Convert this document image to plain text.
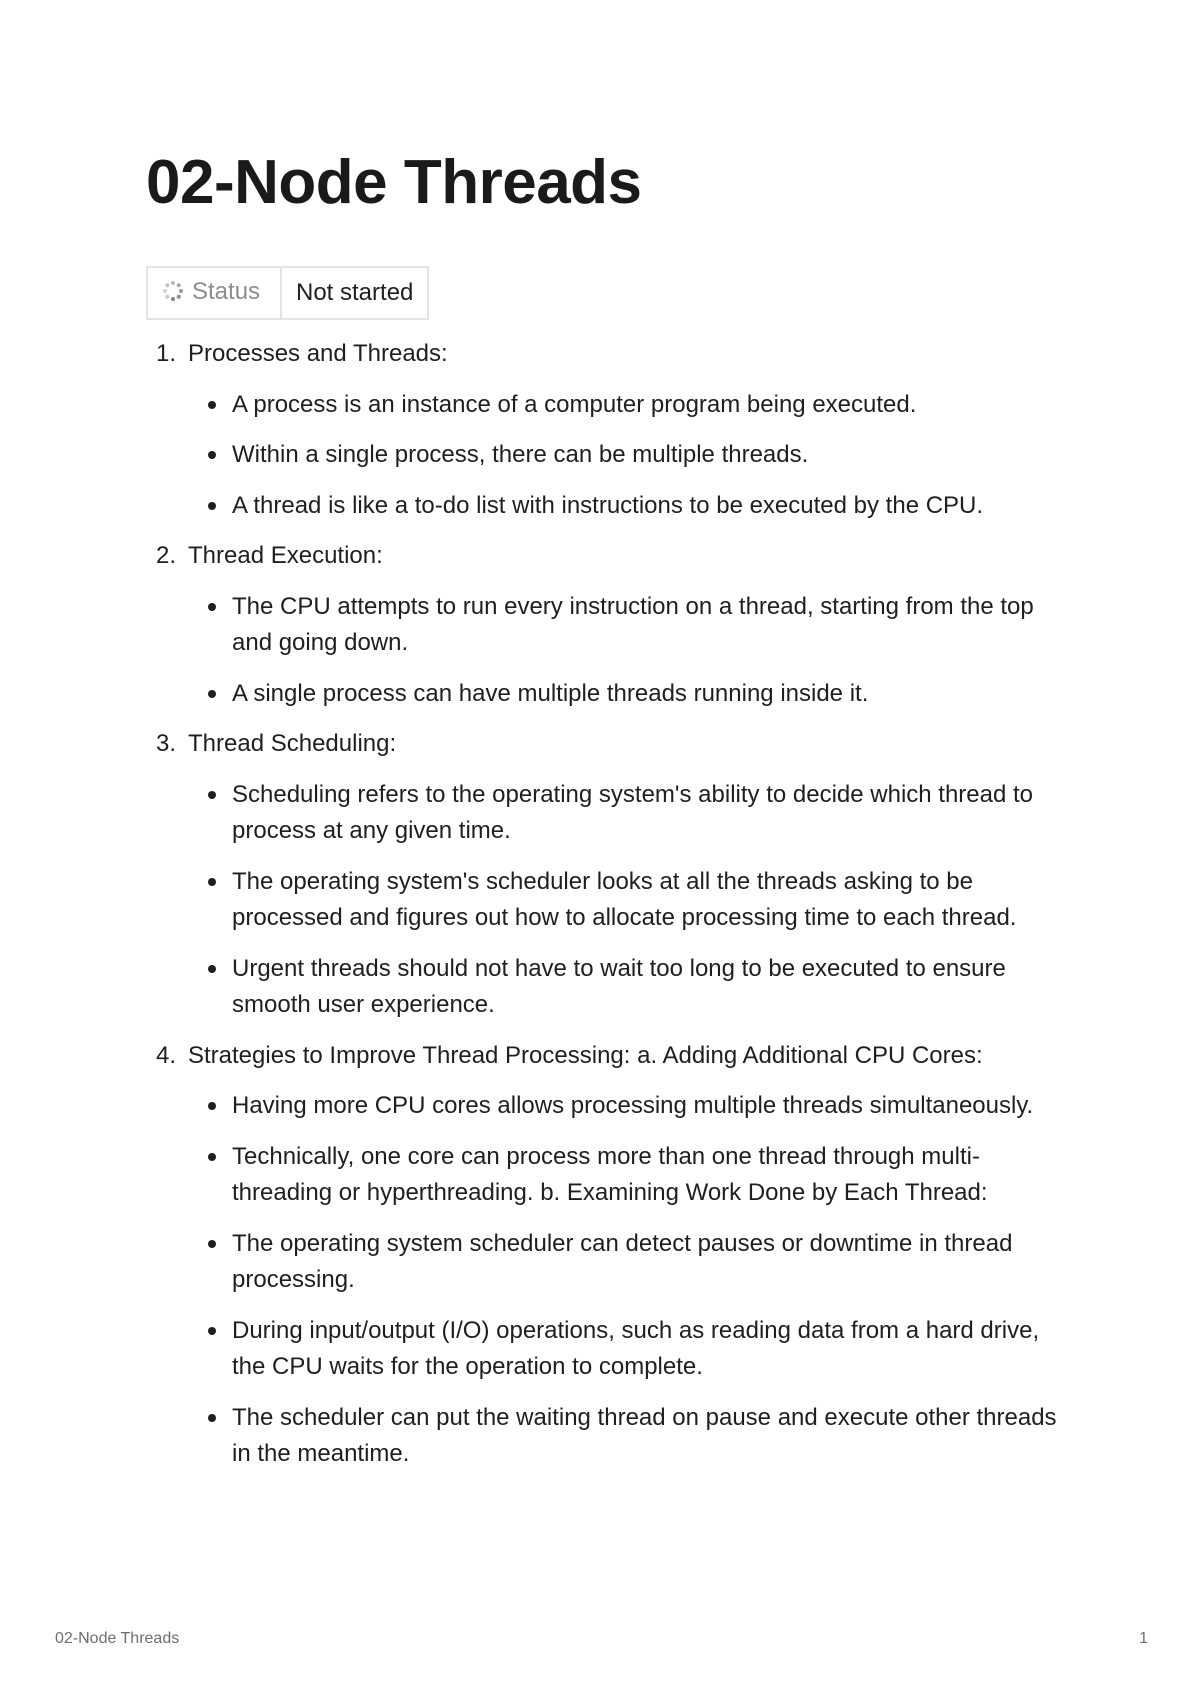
02-Node Threads
Status	Not started
1. Processes and Threads:
A process is an instance of a computer program being executed.
Within a single process, there can be multiple threads.
A thread is like a to-do list with instructions to be executed by the CPU.
2. Thread Execution:
The CPU attempts to run every instruction on a thread, starting from the top and going down.
A single process can have multiple threads running inside it.
3. Thread Scheduling:
Scheduling refers to the operating system's ability to decide which thread to process at any given time.
The operating system's scheduler looks at all the threads asking to be processed and figures out how to allocate processing time to each thread.
Urgent threads should not have to wait too long to be executed to ensure smooth user experience.
4. Strategies to Improve Thread Processing: a. Adding Additional CPU Cores:
Having more CPU cores allows processing multiple threads simultaneously.
Technically, one core can process more than one thread through multi-threading or hyperthreading. b. Examining Work Done by Each Thread:
The operating system scheduler can detect pauses or downtime in thread processing.
During input/output (I/O) operations, such as reading data from a hard drive, the CPU waits for the operation to complete.
The scheduler can put the waiting thread on pause and execute other threads in the meantime.
02-Node Threads	1
